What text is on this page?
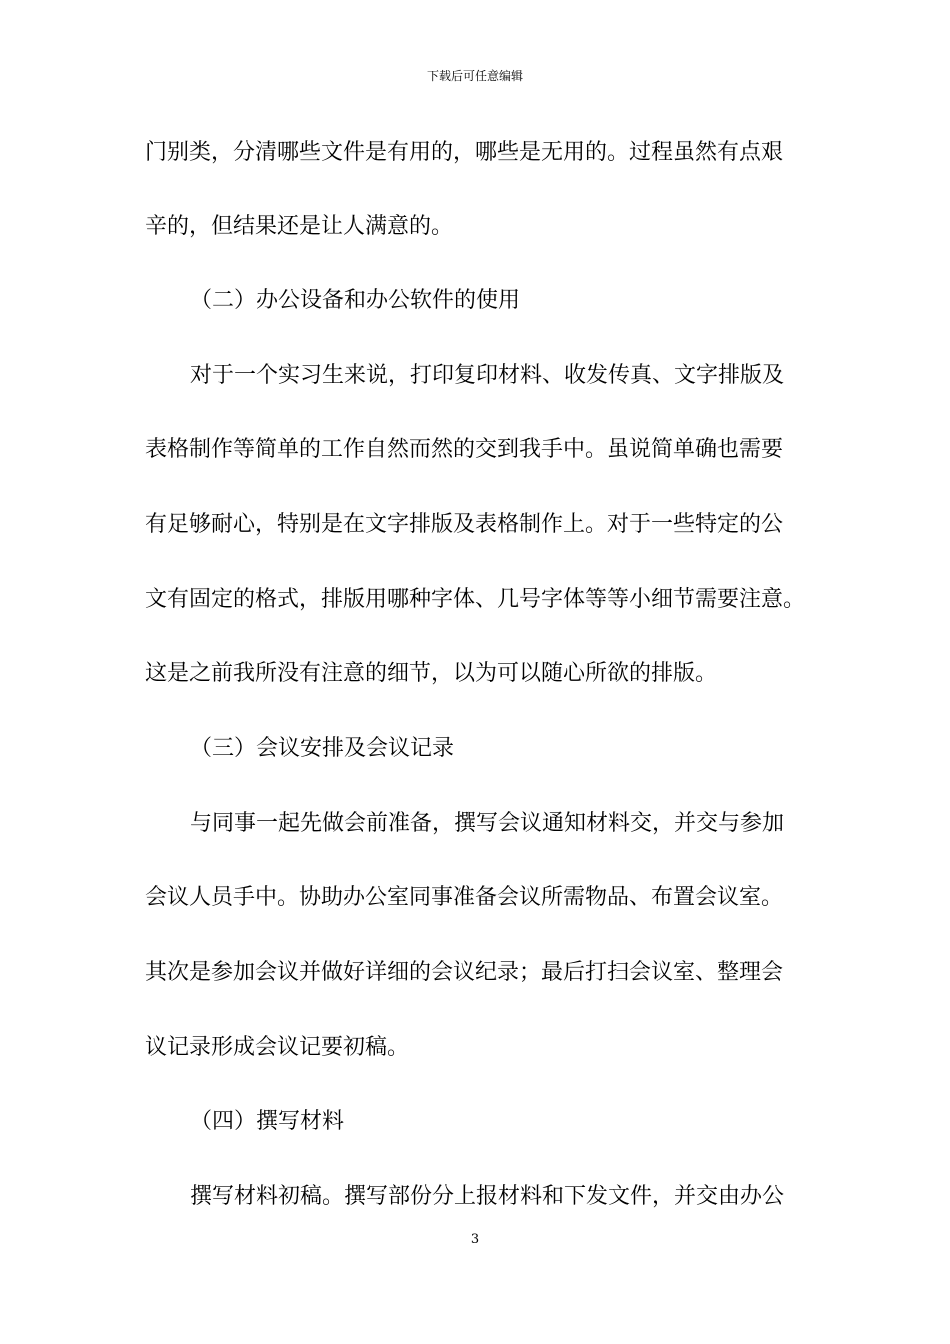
下载后可任意编辑
门别类，分清哪些文件是有用的，哪些是无用的。过程虽然有点艰
辛的，但结果还是让人满意的。
（二）办公设备和办公软件的使用
对于一个实习生来说，打印复印材料、收发传真、文字排版及
表格制作等简单的工作自然而然的交到我手中。虽说简单确也需要
有足够耐心，特别是在文字排版及表格制作上。对于一些特定的公
文有固定的格式，排版用哪种字体、几号字体等等小细节需要注意。
这是之前我所没有注意的细节，以为可以随心所欲的排版。
（三）会议安排及会议记录
与同事一起先做会前准备，撰写会议通知材料交，并交与参加
会议人员手中。协助办公室同事准备会议所需物品、布置会议室。
其次是参加会议并做好详细的会议纪录；最后打扫会议室、整理会
议记录形成会议记要初稿。
（四）撰写材料
撰写材料初稿。撰写部份分上报材料和下发文件，并交由办公
3
